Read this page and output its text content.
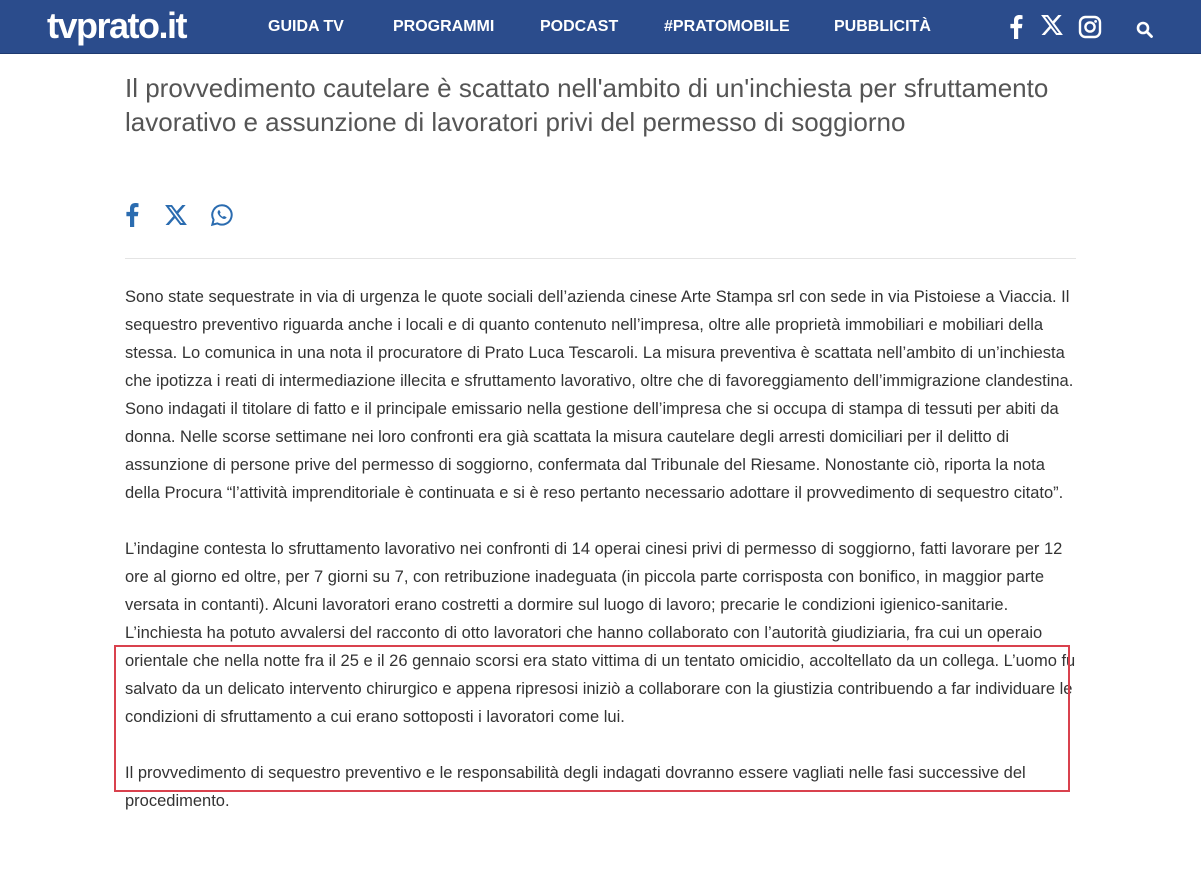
tvprato.it	GUIDA TV	PROGRAMMI	PODCAST	#PRATOMOBILE	PUBBLICITÀ
Il provvedimento cautelare è scattato nell'ambito di un'inchiesta per sfruttamento lavorativo e assunzione di lavoratori privi del permesso di soggiorno

Sono state sequestrate in via di urgenza le quote sociali dell’azienda cinese Arte Stampa srl con sede in via Pistoiese a Viaccia. Il sequestro preventivo riguarda anche i locali e di quanto contenuto nell’impresa, oltre alle proprietà immobiliari e mobiliari della stessa. Lo comunica in una nota il procuratore di Prato Luca Tescaroli. La misura preventiva è scattata nell’ambito di un’inchiesta che ipotizza i reati di intermediazione illecita e sfruttamento lavorativo, oltre che di favoreggiamento dell’immigrazione clandestina. Sono indagati il titolare di fatto e il principale emissario nella gestione dell’impresa che si occupa di stampa di tessuti per abiti da donna. Nelle scorse settimane nei loro confronti era già scattata la misura cautelare degli arresti domiciliari per il delitto di assunzione di persone prive del permesso di soggiorno, confermata dal Tribunale del Riesame. Nonostante ciò, riporta la nota della Procura “l’attività imprenditoriale è continuata e si è reso pertanto necessario adottare il provvedimento di sequestro citato”.

L’indagine contesta lo sfruttamento lavorativo nei confronti di 14 operai cinesi privi di permesso di soggiorno, fatti lavorare per 12 ore al giorno ed oltre, per 7 giorni su 7, con retribuzione inadeguata (in piccola parte corrisposta con bonifico, in maggior parte versata in contanti). Alcuni lavoratori erano costretti a dormire sul luogo di lavoro; precarie le condizioni igienico-sanitarie. L’inchiesta ha potuto avvalersi del racconto di otto lavoratori che hanno collaborato con l’autorità giudiziaria, fra cui un operaio orientale che nella notte fra il 25 e il 26 gennaio scorsi era stato vittima di un tentato omicidio, accoltellato da un collega. L’uomo fu salvato da un delicato intervento chirurgico e appena ripresosi iniziò a collaborare con la giustizia contribuendo a far individuare le condizioni di sfruttamento a cui erano sottoposti i lavoratori come lui.

Il provvedimento di sequestro preventivo e le responsabilità degli indagati dovranno essere vagliati nelle fasi successive del procedimento.
